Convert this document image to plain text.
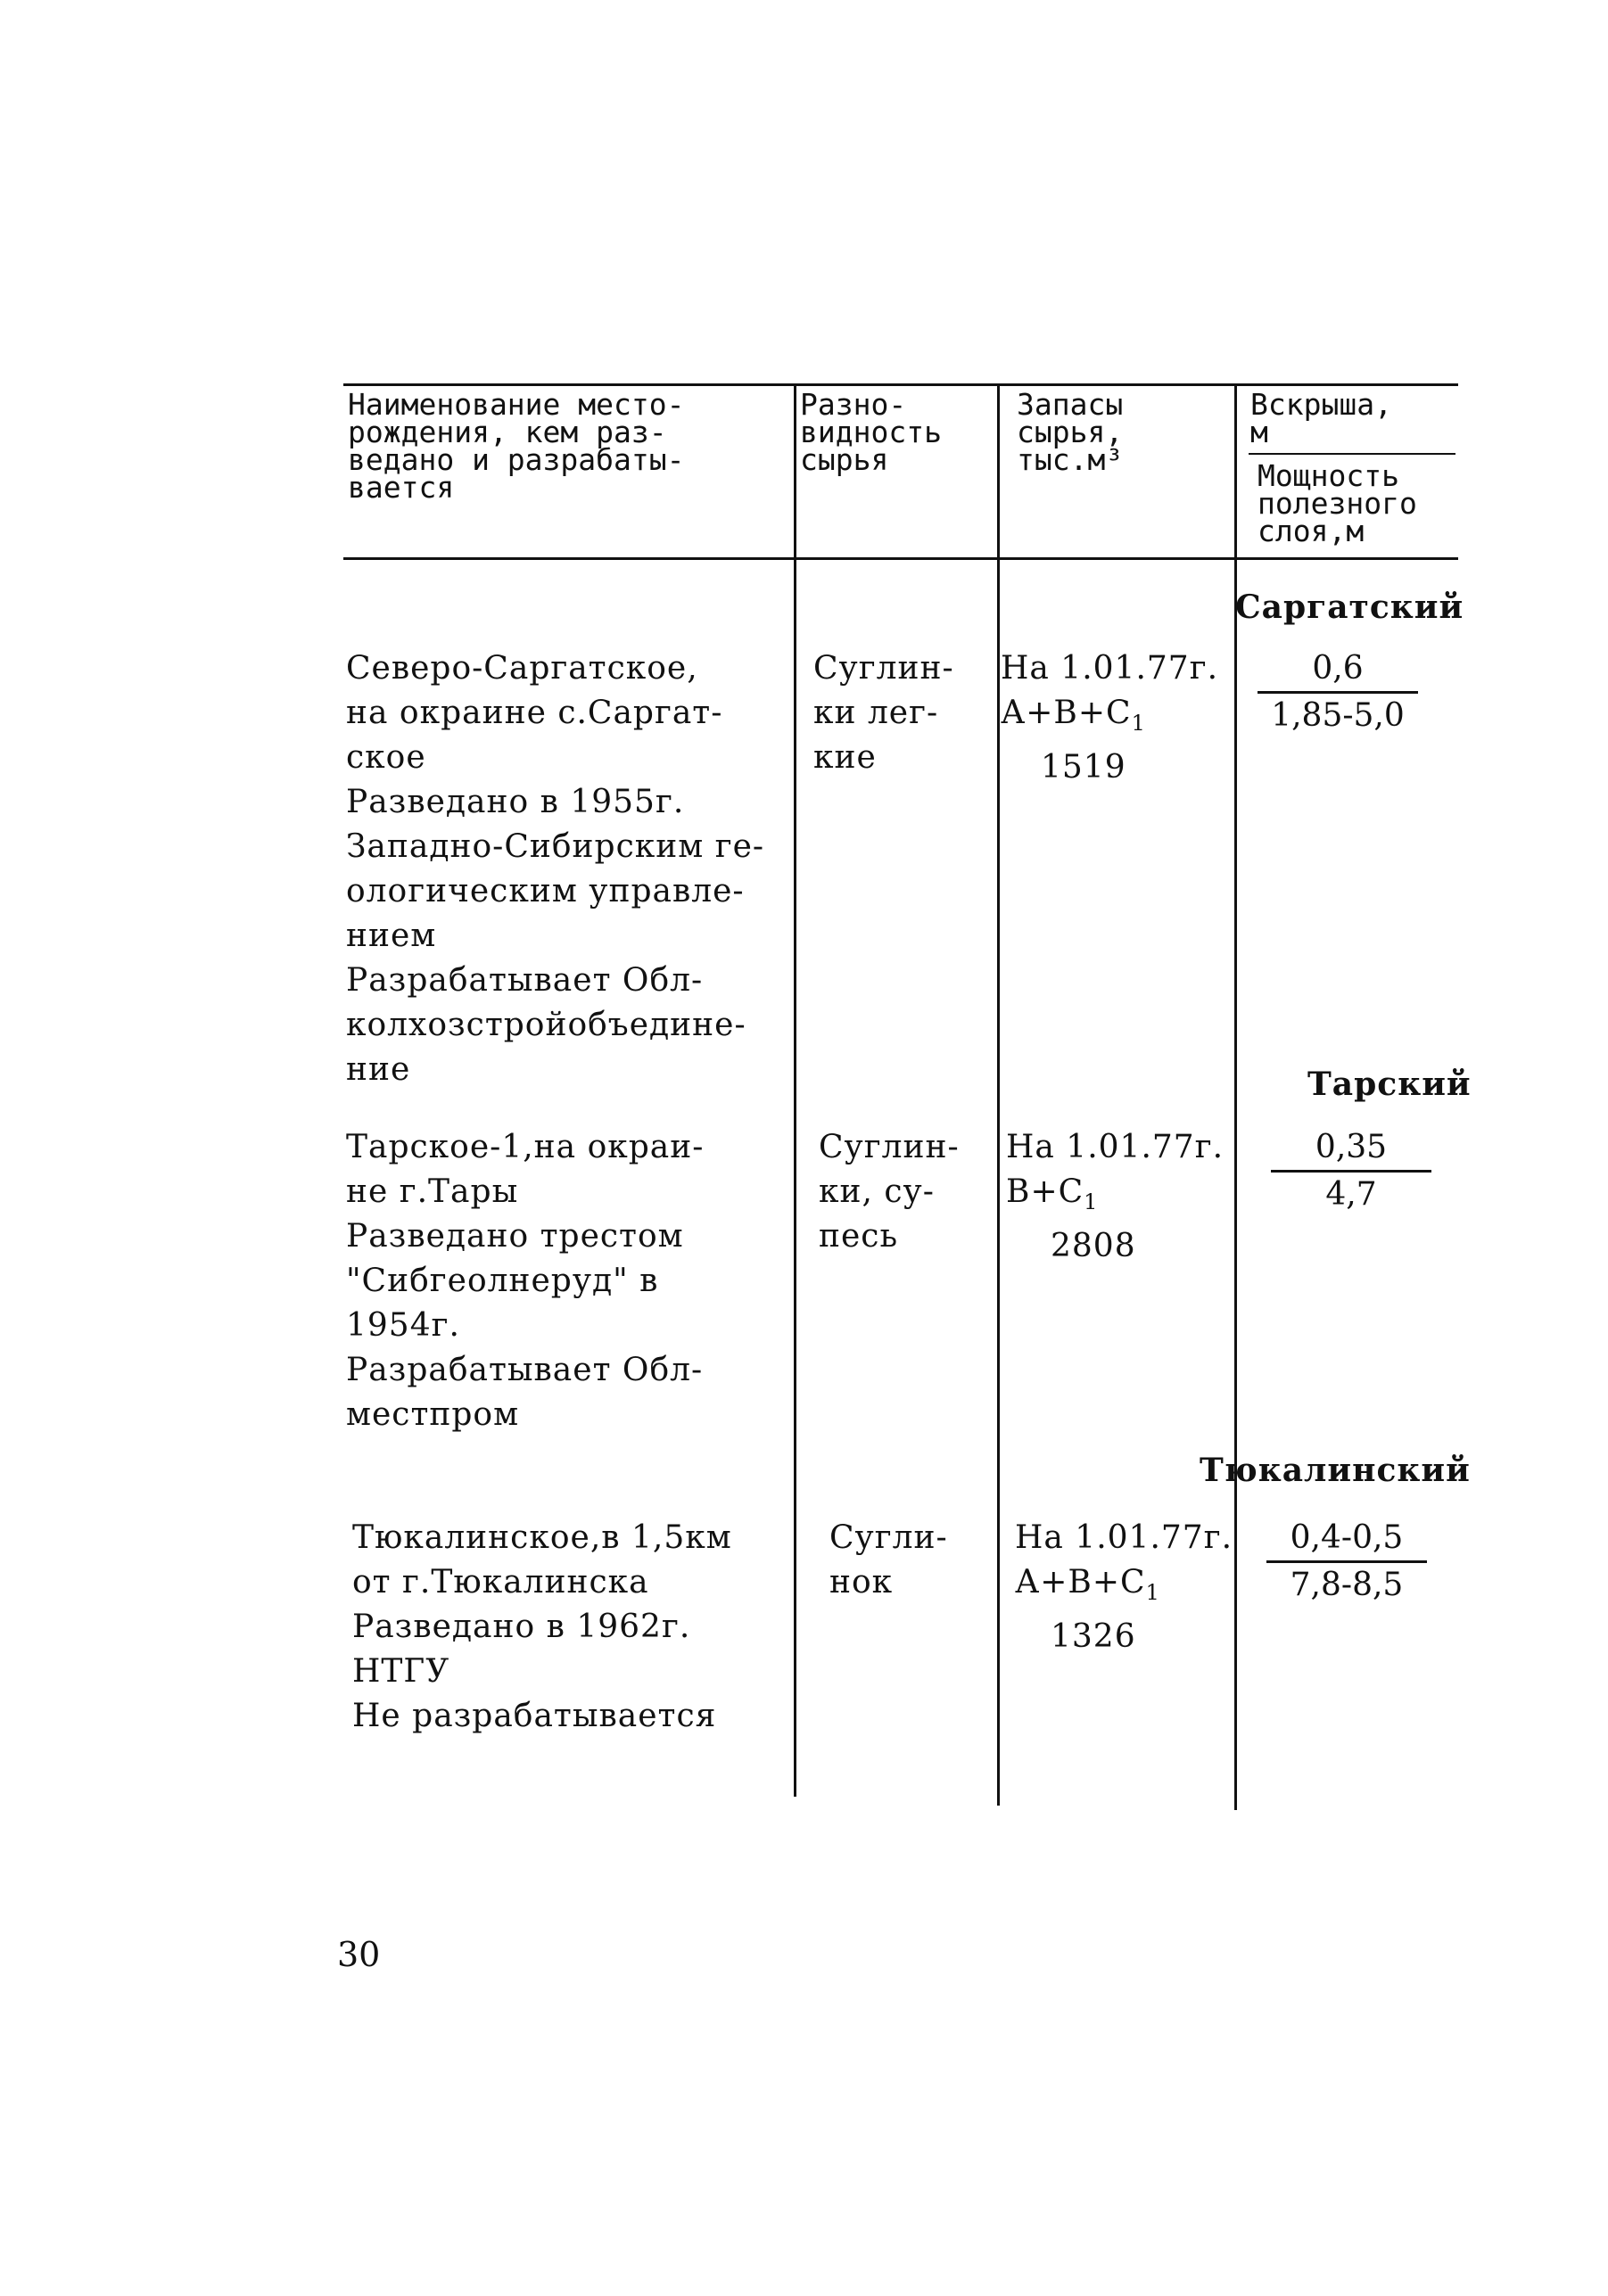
Наименование место-
рождения, кем раз-
ведано и разрабаты-
вается
Разно-
видность
сырья
Запасы
сырья,
тыс.м³
Вскрыша,
м
Мощность
полезного
слоя,м
Саргатский
Северо-Саргатское,
на окраине с.Саргат-
ское
Разведано в 1955г.
Западно-Сибирским ге-
ологическим управле-
нием
Разрабатывает Обл-
колхозстройобъедине-
ние
Суглин-
ки лег-
кие
На 1.01.77г.
$А+В+С_1$
1519
$\frac{0,6}{1,85-5,0}$
Тарский
Тарское-1,на окраи-
не г.Тары
Разведано трестом
"Сибгеолнеруд" в
1954г.
Разрабатывает Обл-
местпром
Суглин-
ки, су-
песь
На 1.01.77г.
$В+С_1$
2808
$\frac{0,35}{4,7}$
Тюкалинский
Тюкалинское,в 1,5км
от г.Тюкалинска
Разведано в 1962г.
НТГУ
Не разрабатывается
Сугли-
нок
На 1.01.77г.
$А+В+С_1$
1326
$\frac{0,4-0,5}{7,8-8,5}$
30
